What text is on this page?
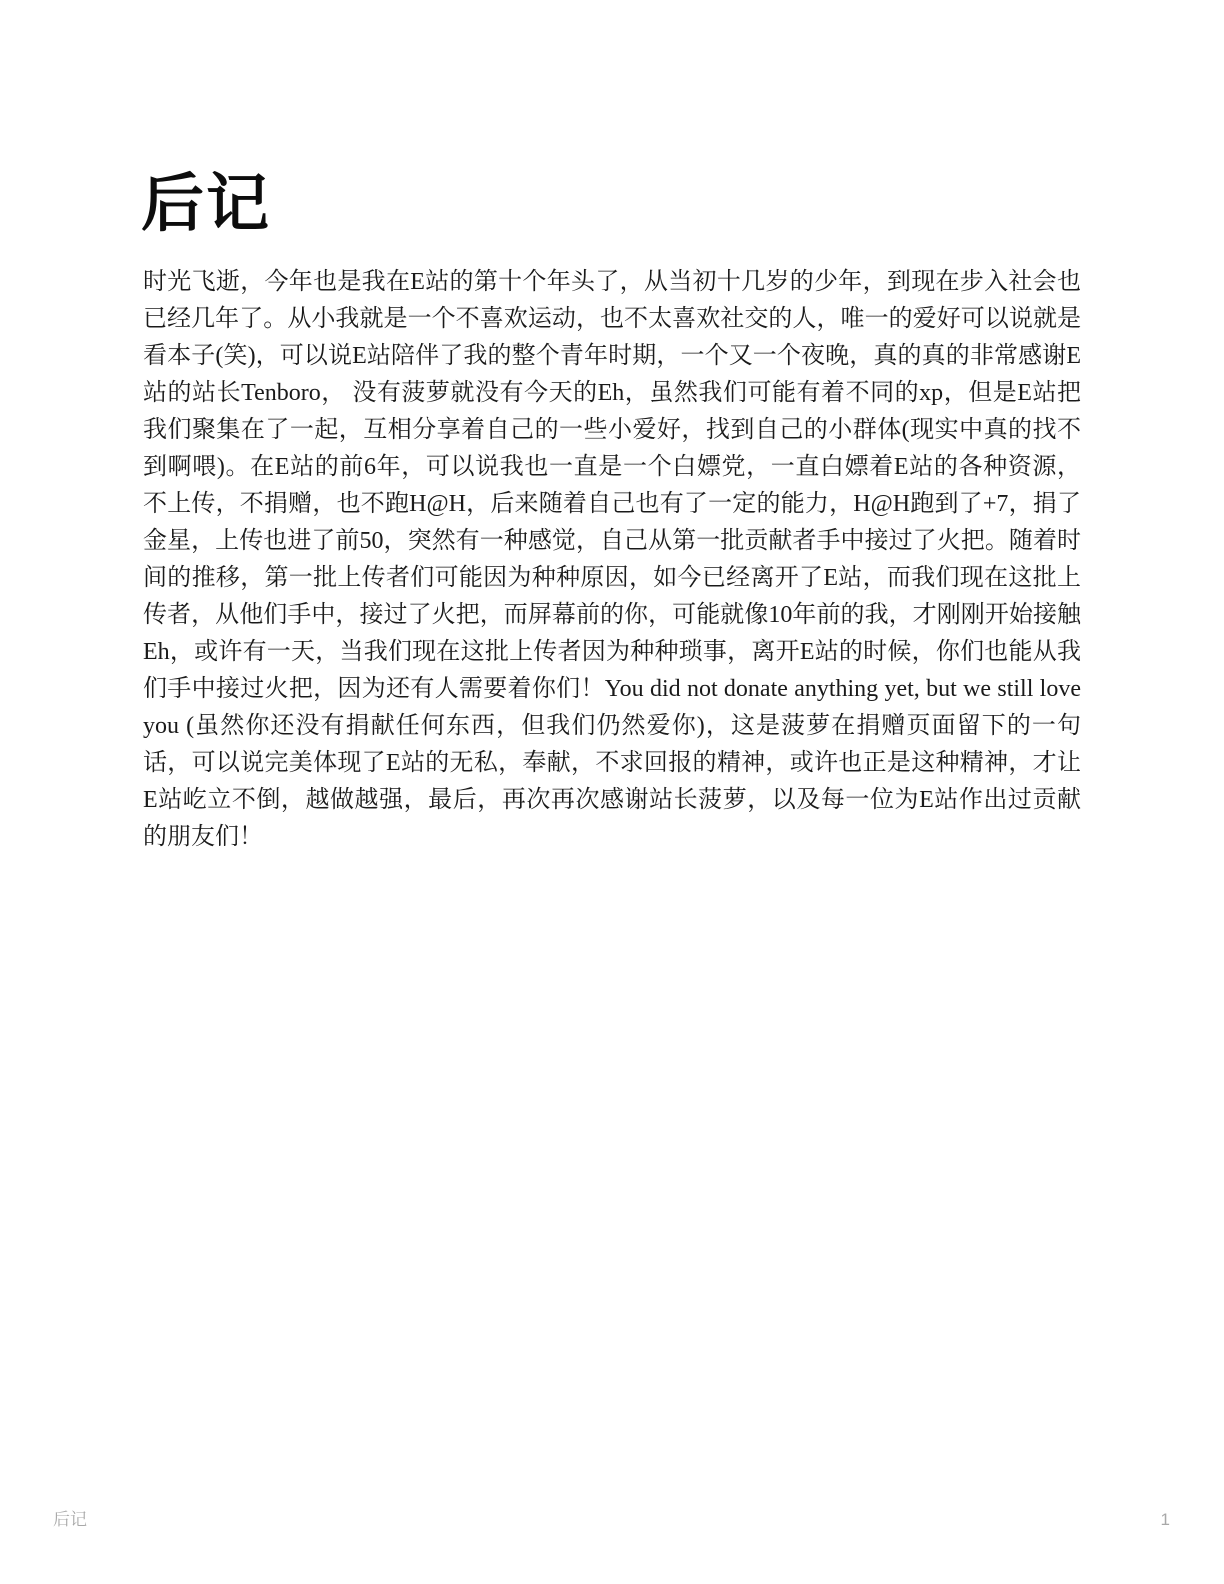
后记
时光飞逝，今年也是我在E站的第十个年头了，从当初十几岁的少年，到现在步入社会也
已经几年了。从小我就是一个不喜欢运动，也不太喜欢社交的人，唯一的爱好可以说就是
看本子(笑)，可以说E站陪伴了我的整个青年时期，一个又一个夜晚，真的真的非常感谢E
站的站长Tenboro， 没有菠萝就没有今天的Eh，虽然我们可能有着不同的xp，但是E站把
我们聚集在了一起，互相分享着自己的一些小爱好，找到自己的小群体(现实中真的找不
到啊喂)。在E站的前6年，可以说我也一直是一个白嫖党，一直白嫖着E站的各种资源，
不上传，不捐赠，也不跑H@H，后来随着自己也有了一定的能力，H@H跑到了+7，捐了
金星，上传也进了前50，突然有一种感觉，自己从第一批贡献者手中接过了火把。随着时
间的推移，第一批上传者们可能因为种种原因，如今已经离开了E站，而我们现在这批上
传者，从他们手中，接过了火把，而屏幕前的你，可能就像10年前的我，才刚刚开始接触
Eh，或许有一天，当我们现在这批上传者因为种种琐事，离开E站的时候，你们也能从我
们手中接过火把，因为还有人需要着你们！You did not donate anything yet, but we still love
you (虽然你还没有捐献任何东西，但我们仍然爱你)，这是菠萝在捐赠页面留下的一句
话，可以说完美体现了E站的无私，奉献，不求回报的精神，或许也正是这种精神，才让
E站屹立不倒，越做越强，最后，再次再次感谢站长菠萝，以及每一位为E站作出过贡献
的朋友们！
后记	1
